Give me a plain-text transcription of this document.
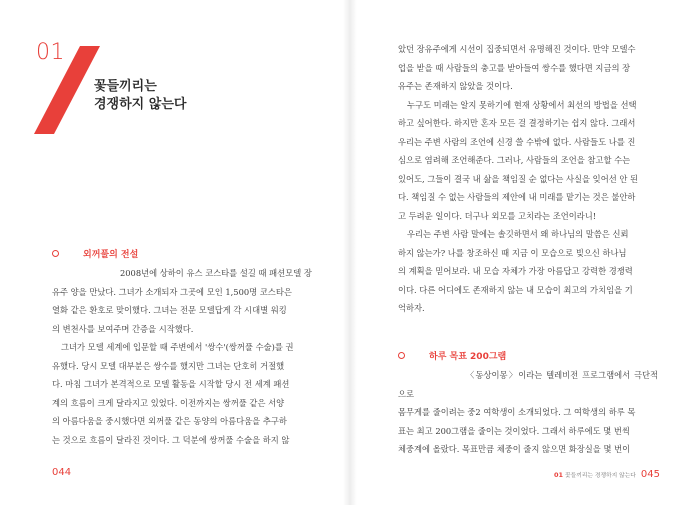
01
꽃들끼리는
경쟁하지 않는다
외꺼풀의 전설

2008년에 상하이 유스 코스타를 설길 때 패션모델 장

유주 양을 만났다. 그녀가 소개되자 그곳에 모인 1,500명 코스타은

열화 같은 환호로 맞이했다. 그녀는 전문 모델답게 각 시대별 워킹

의 변천사를 보여주며 간증을 시작했다.

그녀가 모델 세계에 입문할 때 주변에서 '쌍수'(쌍꺼풀 수술)를 권

유했다. 당시 모델 대부분은 쌍수를 했지만 그녀는 단호히 거절했

다. 마침 그녀가 본격적으로 모델 활동을 시작할 당시 전 세계 패션

계의 흐름이 크게 달라지고 있었다. 이전까지는 쌍꺼풀 같은 서양

의 아름다움을 중시했다면 외꺼풀 같은 동양의 아름다움을 추구하

는 것으로 흐름이 달라진 것이다. 그 덕분에 쌍꺼풀 수술을 하지 않

044

았던 장유주에게 시선이 집중되면서 유명해진 것이다. 만약 모델수

업을 받을 때 사람들의 충고를 받아들여 쌍수를 했다면 지금의 장

유주는 존재하지 않았을 것이다.

누구도 미래는 알지 못하기에 현재 상황에서 최선의 방법을 선택

하고 싶어한다. 하지만 혼자 모든 걸 결정하기는 쉽지 않다. 그래서

우리는 주변 사람의 조언에 신경 쓸 수밖에 없다. 사람들도 나를 진

심으로 염려해 조언해준다. 그러나, 사람들의 조언을 참고할 수는

있어도, 그들이 결국 내 삶을 책임질 순 없다는 사실을 잊어선 안 된

다. 책임질 수 없는 사람들의 제안에 내 미래를 맡기는 것은 불안하

고 두려운 일이다. 더구나 외모를 고치라는 조언이라니!

우리는 주변 사람 말에는 솔깃하면서 왜 하나님의 말씀은 신뢰

하지 않는가? 나를 창조하신 때 지금 이 모습으로 빚으신 하나님

의 계획을 믿어보라. 내 모습 자체가 가장 아름답고 강력한 경쟁력

이다. 다른 어디에도 존재하지 않는 내 모습이 최고의 가치임을 기

억하자.

하루 목표 200그램

〈동상이몽〉이라는 텔레비전 프로그램에서 극단적으로

몸무게를 줄이려는 중2 여학생이 소개되었다. 그 여학생의 하루 목

표는 최고 200그램을 줄이는 것이었다. 그래서 하루에도 몇 번씩

체중계에 올랐다. 목표만큼 체중이 줄지 않으면 화장실을 몇 번이

01 꽃들끼리는 경쟁하지 않는다 045
